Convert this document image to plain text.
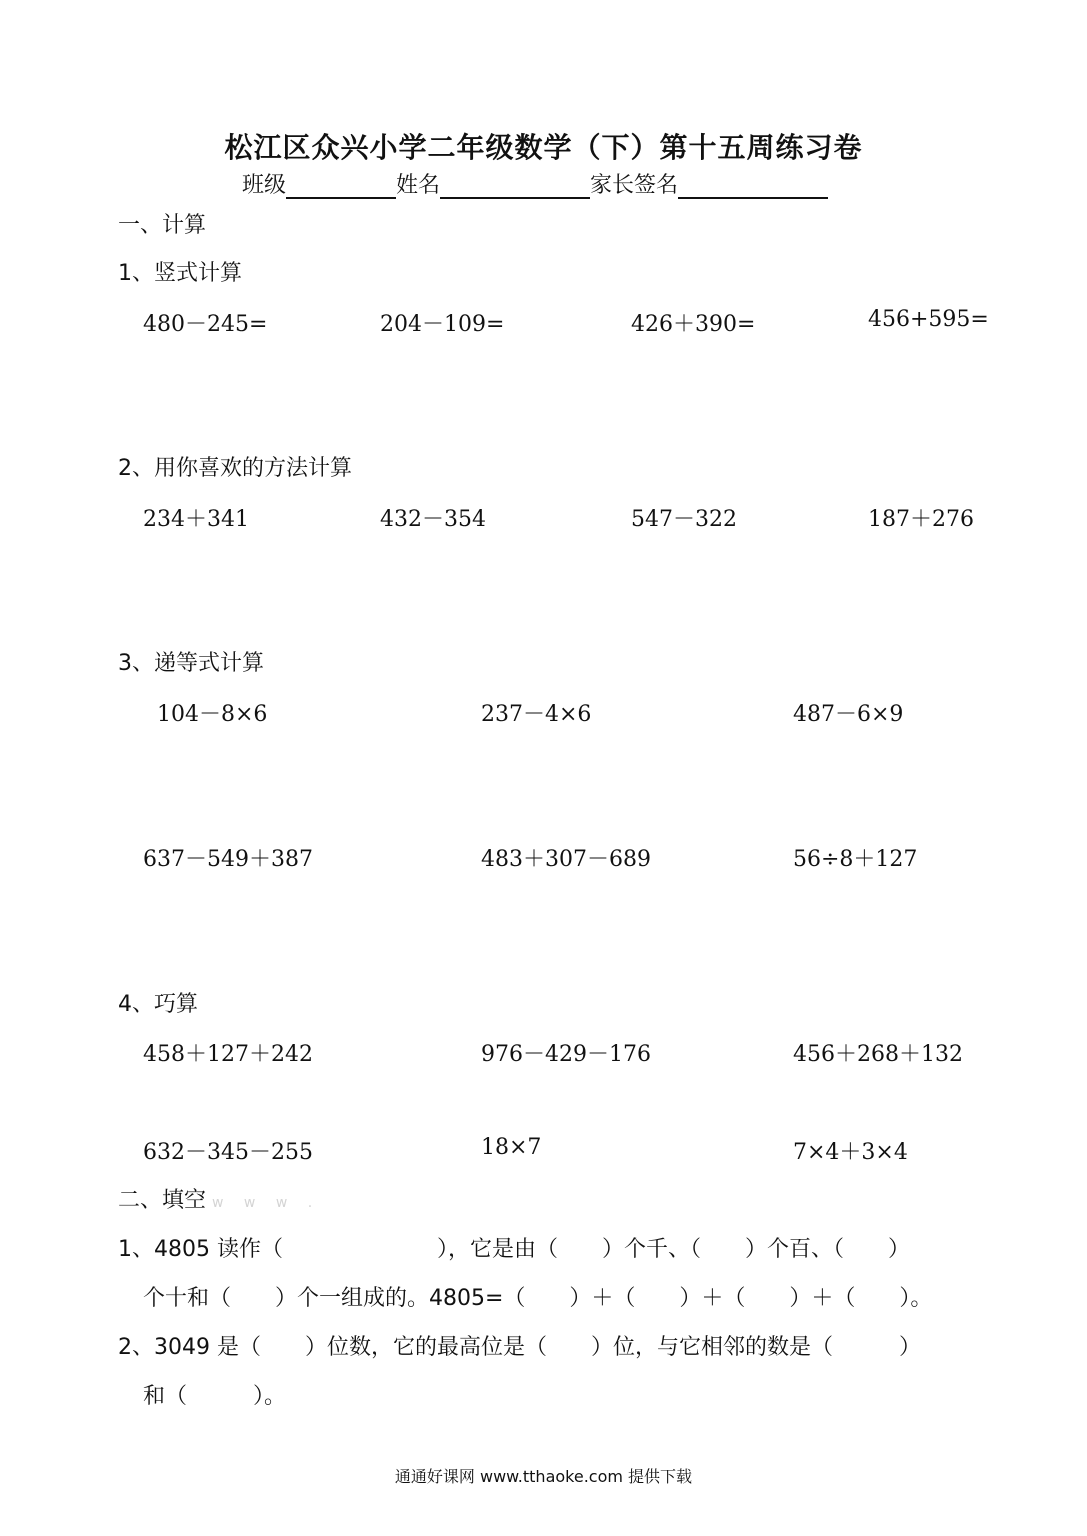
松江区众兴小学二年级数学（下）第十五周练习卷
班级	姓名	家长签名
一、计算
1、竖式计算
480－245=	204－109=	426＋390=	456+595=
2、用你喜欢的方法计算
234＋341	432－354	547－322	187＋276
3、递等式计算
104－8×6	237－4×6	487－6×9
637－549＋387	483＋307－689	56÷8＋127
4、巧算
458＋127＋242	976－429－176	456＋268＋132
632－345－255	18×7	7×4＋3×4
二、填空 w w w .
1、4805 读作（　　　　　　　），它是由（　　）个千、（　　）个百、（　　）
个十和（　　）个一组成的。4805=（　　）＋（　　）＋（　　）＋（　　）。
2、3049 是（　　）位数，它的最高位是（　　）位，与它相邻的数是（　　　）
和（　　　）。
通通好课网 www.tthaoke.com 提供下载
